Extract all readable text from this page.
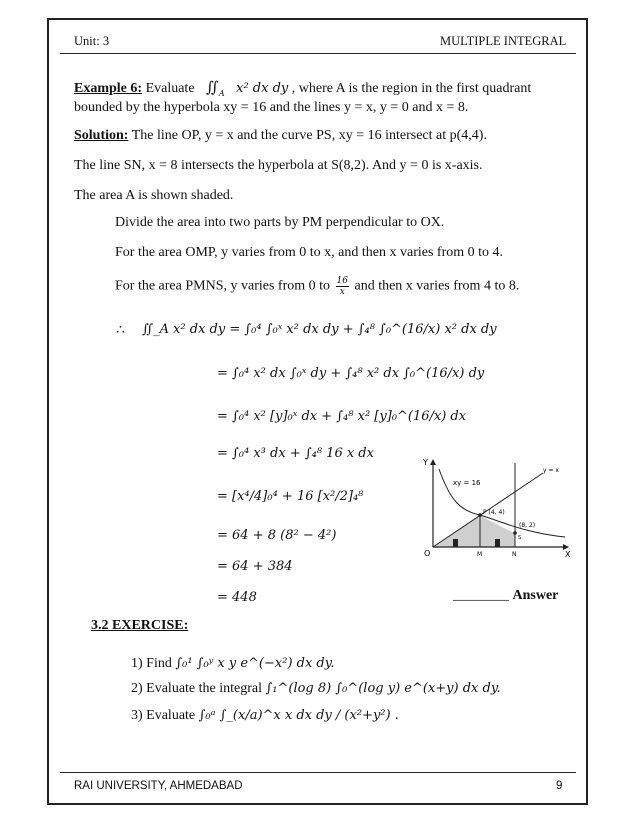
Unit: 3	MULTIPLE INTEGRAL
Example 6: Evaluate $∬_A$ x² dx dy , where A is the region in the first quadrant
bounded by the hyperbola xy = 16 and the lines y = x, y = 0 and x = 8.
Solution: The line OP, y = x and the curve PS, xy = 16 intersect at p(4,4).
The line SN, x = 8 intersects the hyperbola at S(8,2). And y = 0 is x-axis.
The area A is shown shaded.
Divide the area into two parts by PM perpendicular to OX.
For the area OMP, y varies from 0 to x, and then x varies from 0 to 4.
For the area PMNS, y varies from 0 to $\frac{16}{x}$ and then x varies from 4 to 8.
∴ ∬_A x² dx dy = ∫₀⁴ ∫₀ˣ x² dx dy + ∫₄⁸ ∫₀^(16/x) x² dx dy
= ∫₀⁴ x² dx ∫₀ˣ dy + ∫₄⁸ x² dx ∫₀^(16/x) dy
= ∫₀⁴ x² [y]₀ˣ dx + ∫₄⁸ x² [y]₀^(16/x) dx
= ∫₀⁴ x³ dx + ∫₄⁸ 16 x dx
= [x⁴/4]₀⁴ + 16 [x²/2]₄⁸
= 64 + 8 (8² − 4²)
= 64 + 384
= 448	________ Answer
Y
X
O	M	N
P (4, 4)
(8, 2)
S
xy = 16
y = x
3.2 EXERCISE:
1) Find ∫₀¹ ∫₀ʸ x y e^(−x²) dx dy.
2) Evaluate the integral ∫₁^(log 8) ∫₀^(log y) e^(x+y) dx dy.
3) Evaluate ∫₀ᵃ ∫_(x/a)^x x dx dy / (x²+y²) .
RAI UNIVERSITY, AHMEDABAD	9
